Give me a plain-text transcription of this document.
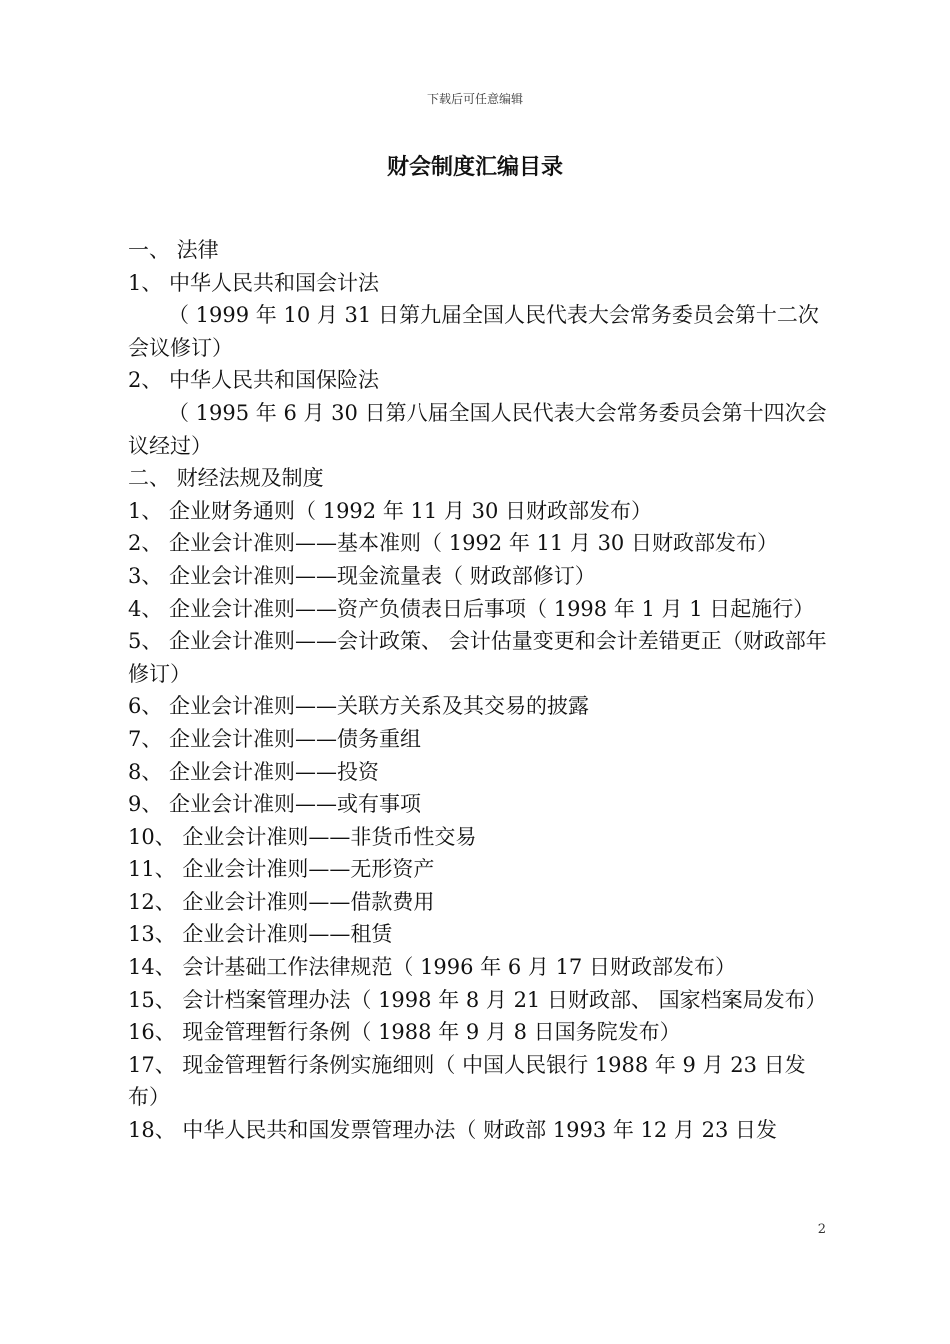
下载后可任意编辑
财会制度汇编目录

一、 法律

1、 中华人民共和国会计法

（ 1999 年 10 月 31 日第九届全国人民代表大会常务委员会第十二次会议修订）

2、 中华人民共和国保险法

（ 1995 年 6 月 30 日第八届全国人民代表大会常务委员会第十四次会议经过）

二、 财经法规及制度

1、 企业财务通则（ 1992 年 11 月 30 日财政部发布）

2、 企业会计准则——基本准则（ 1992 年 11 月 30 日财政部发布）

3、 企业会计准则——现金流量表（ 财政部修订）

4、 企业会计准则——资产负债表日后事项（ 1998 年 1 月 1 日起施行）

5、 企业会计准则——会计政策、 会计估量变更和会计差错更正（财政部年修订）

6、 企业会计准则——关联方关系及其交易的披露

7、 企业会计准则——债务重组

8、 企业会计准则——投资

9、 企业会计准则——或有事项

10、 企业会计准则——非货币性交易

11、 企业会计准则——无形资产

12、 企业会计准则——借款费用

13、 企业会计准则——租赁

14、 会计基础工作法律规范（ 1996 年 6 月 17 日财政部发布）

15、 会计档案管理办法（ 1998 年 8 月 21 日财政部、 国家档案局发布）

16、 现金管理暂行条例（ 1988 年 9 月 8 日国务院发布）

17、 现金管理暂行条例实施细则（ 中国人民银行 1988 年 9 月 23 日发布）

18、 中华人民共和国发票管理办法（ 财政部 1993 年 12 月 23 日发

2
